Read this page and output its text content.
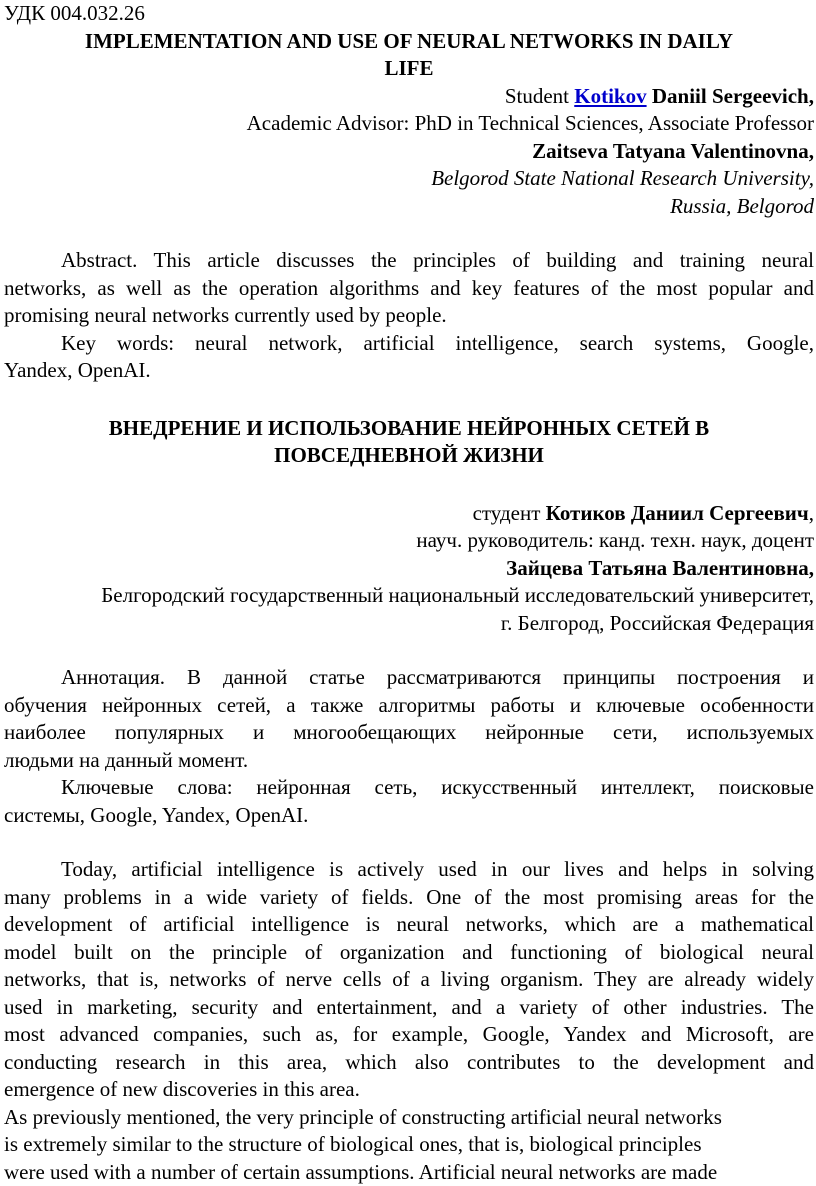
УДК 004.032.26
IMPLEMENTATION AND USE OF NEURAL NETWORKS IN DAILY
LIFE
Student Kotikov Daniil Sergeevich,
Academic Advisor: PhD in Technical Sciences, Associate Professor
Zaitseva Tatyana Valentinovna,
Belgorod State National Research University,
Russia, Belgorod
Abstract. This article discusses the principles of building and training neural
networks, as well as the operation algorithms and key features of the most popular and
promising neural networks currently used by people.
Key words: neural network, artificial intelligence, search systems, Google,
Yandex, OpenAI.
ВНЕДРЕНИЕ И ИСПОЛЬЗОВАНИЕ НЕЙРОННЫХ СЕТЕЙ В
ПОВСЕДНЕВНОЙ ЖИЗНИ
студент Котиков Даниил Сергеевич,
науч. руководитель: канд. техн. наук, доцент
Зайцева Татьяна Валентиновна,
Белгородский государственный национальный исследовательский университет,
г. Белгород, Российская Федерация
Аннотация. В данной статье рассматриваются принципы построения и
обучения нейронных сетей, а также алгоритмы работы и ключевые особенности
наиболее популярных и многообещающих нейронные сети, используемых
людьми на данный момент.
Ключевые слова: нейронная сеть, искусственный интеллект, поисковые
системы, Google, Yandex, OpenAI.
Today, artificial intelligence is actively used in our lives and helps in solving
many problems in a wide variety of fields. One of the most promising areas for the
development of artificial intelligence is neural networks, which are a mathematical
model built on the principle of organization and functioning of biological neural
networks, that is, networks of nerve cells of a living organism. They are already widely
used in marketing, security and entertainment, and a variety of other industries. The
most advanced companies, such as, for example, Google, Yandex and Microsoft, are
conducting research in this area, which also contributes to the development and
emergence of new discoveries in this area.
As previously mentioned, the very principle of constructing artificial neural networks
is extremely similar to the structure of biological ones, that is, biological principles
were used with a number of certain assumptions. Artificial neural networks are made
